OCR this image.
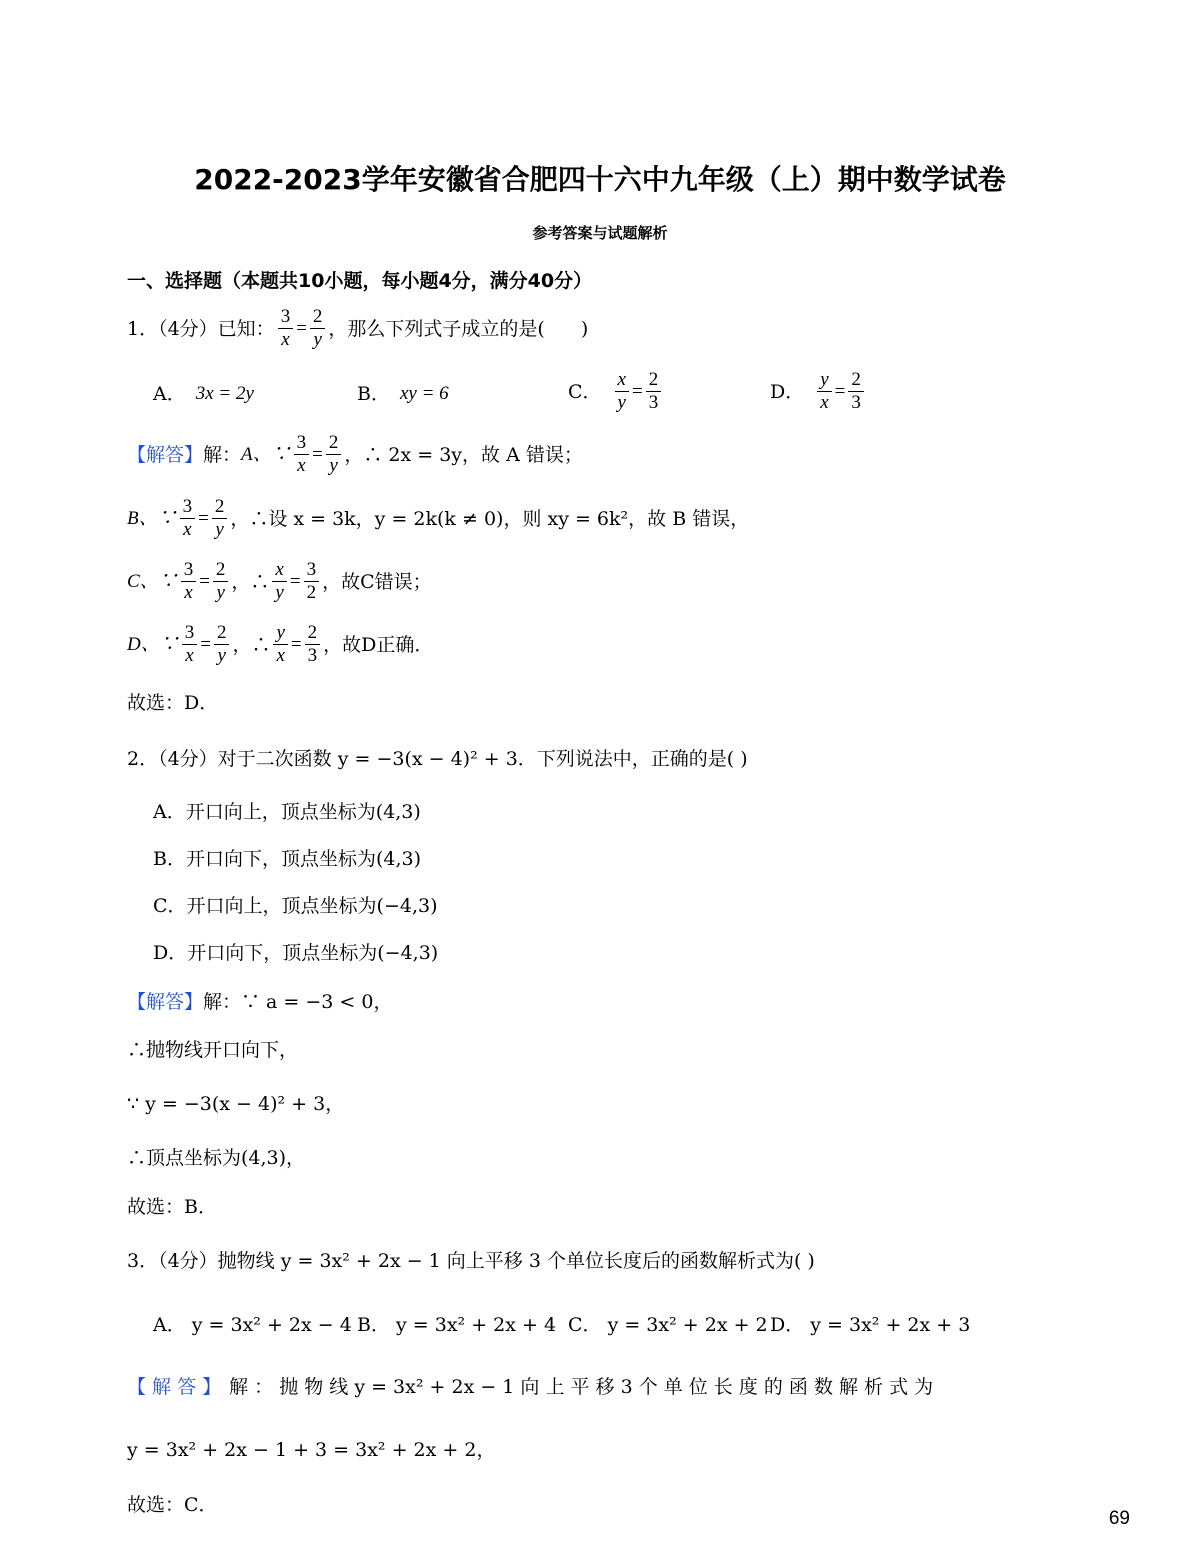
2022-2023学年安徽省合肥四十六中九年级（上）期中数学试卷
参考答案与试题解析
一、选择题（本题共10小题，每小题4分，满分40分）
1．（4分）已知： $\frac{3}{x} = \frac{2}{y}$ ，那么下列式子成立的是( )
A． 3x = 2y	B． xy = 6	C． $\frac{x}{y} = \frac{2}{3}$	D． $\frac{y}{x} = \frac{2}{3}$
【解答】 解： A、∵ $\frac{3}{x} = \frac{2}{y}$ ，∴ 2x = 3y，故 A 错误；
B、∵ $\frac{3}{x} = \frac{2}{y}$ ，∴设 x = 3k，y = 2k(k ≠ 0)，则 xy = 6k²，故 B 错误，
C、∵ $\frac{3}{x} = \frac{2}{y}$ ，∴ $\frac{x}{y} = \frac{3}{2}$ ，故C错误；
D、∵ $\frac{3}{x} = \frac{2}{y}$ ，∴ $\frac{y}{x} = \frac{2}{3}$ ，故D正确．
故选：D．
2．（4分）对于二次函数 y = −3(x − 4)² + 3．下列说法中，正确的是( )
A．开口向上，顶点坐标为(4,3)
B．开口向下，顶点坐标为(4,3)
C．开口向上，顶点坐标为(−4,3)
D．开口向下，顶点坐标为(−4,3)
【解答】 解：∵ a = −3 < 0，
∴抛物线开口向下，
∵ y = −3(x − 4)² + 3，
∴顶点坐标为(4,3)，
故选：B．
3．（4分）抛物线 y = 3x² + 2x − 1 向上平移 3 个单位长度后的函数解析式为( )
A． y = 3x² + 2x − 4 B． y = 3x² + 2x + 4 C． y = 3x² + 2x + 2 D． y = 3x² + 2x + 3
【 解 答 】 解 ： 抛 物 线 y = 3x² + 2x − 1 向 上 平 移 3 个 单 位 长 度 的 函 数 解 析 式 为
y = 3x² + 2x − 1 + 3 = 3x² + 2x + 2，
故选：C．
69
